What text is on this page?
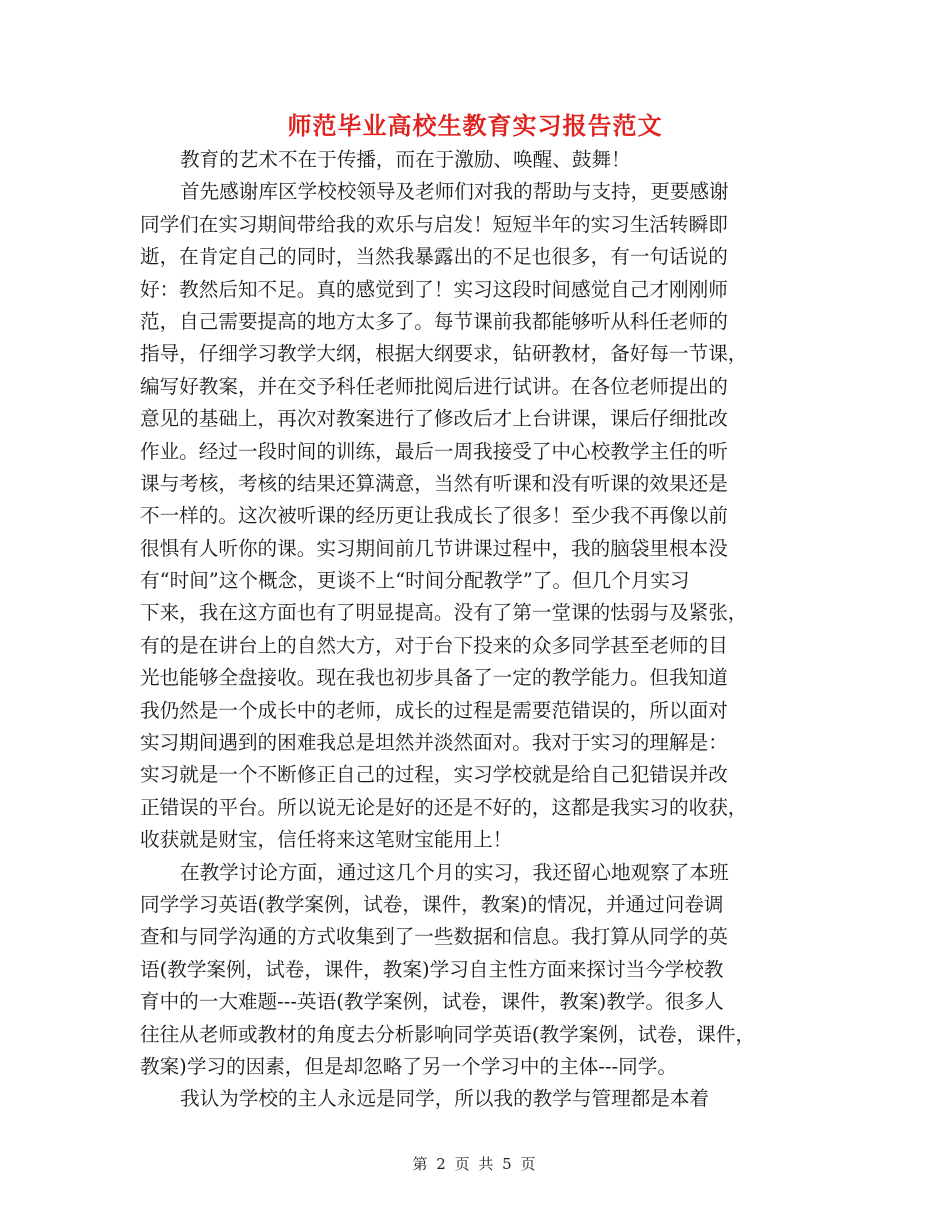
师范毕业高校生教育实习报告范文
教育的艺术不在于传播，而在于激励、唤醒、鼓舞！
首先感谢库区学校校领导及老师们对我的帮助与支持，更要感谢
同学们在实习期间带给我的欢乐与启发！短短半年的实习生活转瞬即
逝，在肯定自己的同时，当然我暴露出的不足也很多，有一句话说的
好：教然后知不足。真的感觉到了！实习这段时间感觉自己才刚刚师
范，自己需要提高的地方太多了。每节课前我都能够听从科任老师的
指导，仔细学习教学大纲，根据大纲要求，钻研教材，备好每一节课，
编写好教案，并在交予科任老师批阅后进行试讲。在各位老师提出的
意见的基础上，再次对教案进行了修改后才上台讲课，课后仔细批改
作业。经过一段时间的训练，最后一周我接受了中心校教学主任的听
课与考核，考核的结果还算满意，当然有听课和没有听课的效果还是
不一样的。这次被听课的经历更让我成长了很多！至少我不再像以前
很惧有人听你的课。实习期间前几节讲课过程中，我的脑袋里根本没
有“时间”这个概念，更谈不上“时间分配教学”了。但几个月实习
下来，我在这方面也有了明显提高。没有了第一堂课的怯弱与及紧张，
有的是在讲台上的自然大方，对于台下投来的众多同学甚至老师的目
光也能够全盘接收。现在我也初步具备了一定的教学能力。但我知道
我仍然是一个成长中的老师，成长的过程是需要范错误的，所以面对
实习期间遇到的困难我总是坦然并淡然面对。我对于实习的理解是：
实习就是一个不断修正自己的过程，实习学校就是给自己犯错误并改
正错误的平台。所以说无论是好的还是不好的，这都是我实习的收获，
收获就是财宝，信任将来这笔财宝能用上！
在教学讨论方面，通过这几个月的实习，我还留心地观察了本班
同学学习英语(教学案例，试卷，课件，教案)的情况，并通过问卷调
查和与同学沟通的方式收集到了一些数据和信息。我打算从同学的英
语(教学案例，试卷，课件，教案)学习自主性方面来探讨当今学校教
育中的一大难题---英语(教学案例，试卷，课件，教案)教学。很多人
往往从老师或教材的角度去分析影响同学英语(教学案例，试卷，课件，
教案)学习的因素，但是却忽略了另一个学习中的主体---同学。
我认为学校的主人永远是同学，所以我的教学与管理都是本着
第 2 页 共 5 页
